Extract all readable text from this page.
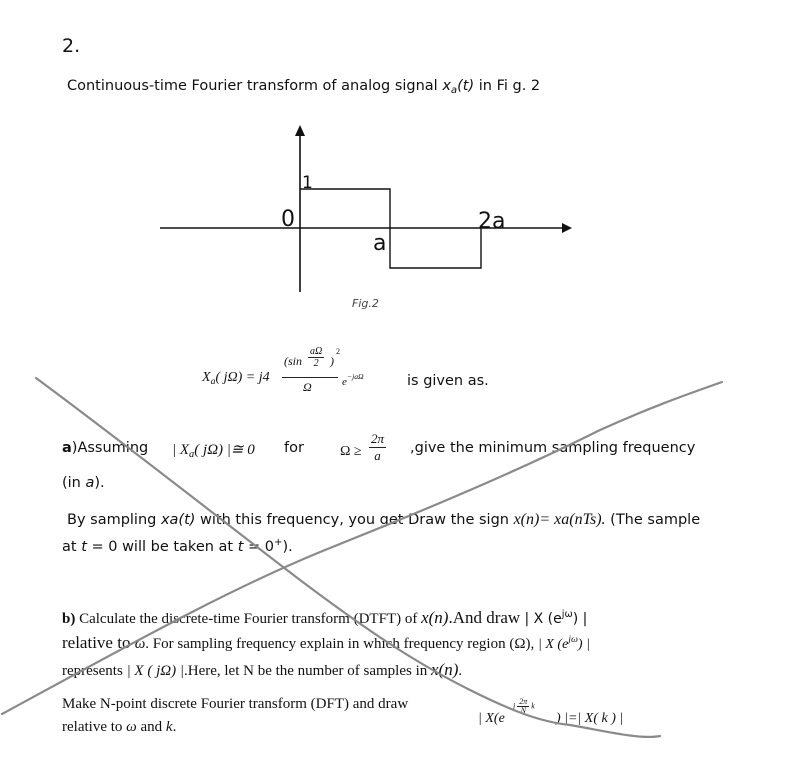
2.
Continuous-time Fourier transform of analog signal $x_a(t)$ in Fi g. 2
1
0
a
2a
Fig.2
$X_a$( jΩ) = j4
($\sin \frac{a\Omega}{2}$ )
2
Ω	$e^{-ja\Omega}$	is given as.
a)Assuming | $X_a$( jΩ) |≅ 0 for	$\Omega \ge \frac{2\pi}{a}$ ,give the minimum sampling frequency
(in a).
By sampling xa(t) with this frequency, you get Draw the sign x(n)= xa(nTs). (The sample
at t = 0 will be taken at t = 0+).
b) Calculate the discrete-time Fourier transform (DTFT) of x(n).And draw | X $(e^{j\omega})$ |
relative to ω. For sampling frequency explain in which frequency region (Ω), | X $(e^{j\omega})$ |
represents | X ( jΩ) |.Here, let N be the number of samples in x(n).
Make N-point discrete Fourier transform (DFT) and draw
relative to ω and k.
| X(e
j $\frac{2\pi}{N}$ k
) |=| X( k ) |
